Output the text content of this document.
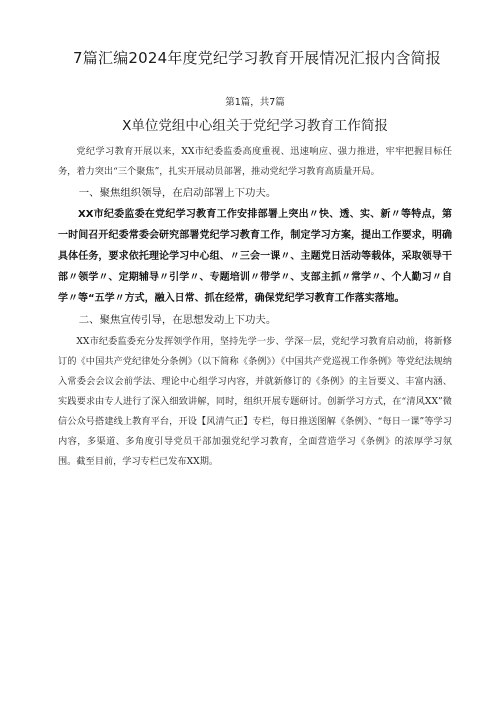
7篇汇编2024年度党纪学习教育开展情况汇报内含简报
第1篇，共7篇
X单位党组中心组关于党纪学习教育工作简报

党纪学习教育开展以来，XX市纪委监委高度重视、迅速响应、强力推进，牢牢把握目标任务，着力突出“三个聚焦”，扎实开展动员部署，推动党纪学习教育高质量开局。

一、聚焦组织领导，在启动部署上下功夫。

XX市纪委监委在党纪学习教育工作安排部署上突出〃快、透、实、新〃等特点，第一时间召开纪委常委会研究部署党纪学习教育工作，制定学习方案，提出工作要求，明确具体任务，要求依托理论学习中心组、〃三会一课〃、主题党日活动等载体，采取领导干部〃领学〃、定期辅导〃引学〃、专题培训〃带学〃、支部主抓〃常学〃、个人勤习〃自学〃等“五学〃方式，融入日常、抓在经常，确保党纪学习教育工作落实落地。

二、聚焦宣传引导，在思想发动上下功夫。

XX市纪委监委充分发挥领学作用，坚持先学一步、学深一层，党纪学习教育启动前，将新修订的《中国共产党纪律处分条例》（以下简称《条例》）《中国共产党巡视工作条例》等党纪法规纳入常委会会议会前学法、理论中心组学习内容，并就新修订的《条例》的主旨要义、丰富内涵、实践要求由专人进行了深入细致讲解，同时，组织开展专题研讨。创新学习方式，在“清风XX”微信公众号搭建线上教育平台，开设【风清气正】专栏，每日推送图解《条例》、“每日一课”等学习内容，多渠道、多角度引导党员干部加强党纪学习教育，全面营造学习《条例》的浓厚学习氛围。截至目前，学习专栏已发布XX期。
